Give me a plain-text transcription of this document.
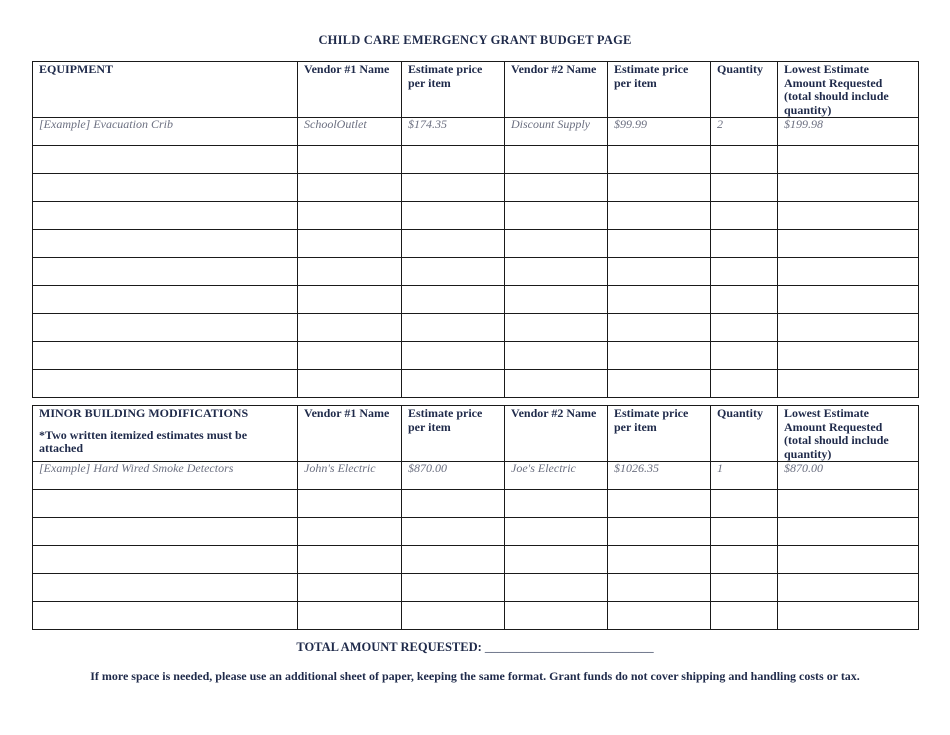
CHILD CARE EMERGENCY GRANT BUDGET PAGE
EQUIPMENT	Vendor #1 Name	Estimate price per item	Vendor #2 Name	Estimate price per item	Quantity	Lowest Estimate Amount Requested (total should include quantity)
[Example] Evacuation Crib	SchoolOutlet	$174.35	Discount Supply	$99.99	2	$199.98

MINOR BUILDING MODIFICATIONS
*Two written itemized estimates must be attached	Vendor #1 Name	Estimate price per item	Vendor #2 Name	Estimate price per item	Quantity	Lowest Estimate Amount Requested (total should include quantity)
[Example] Hard Wired Smoke Detectors	John's Electric	$870.00	Joe's Electric	$1026.35	1	$870.00

TOTAL AMOUNT REQUESTED: ___________________________
If more space is needed, please use an additional sheet of paper, keeping the same format. Grant funds do not cover shipping and handling costs or tax.
